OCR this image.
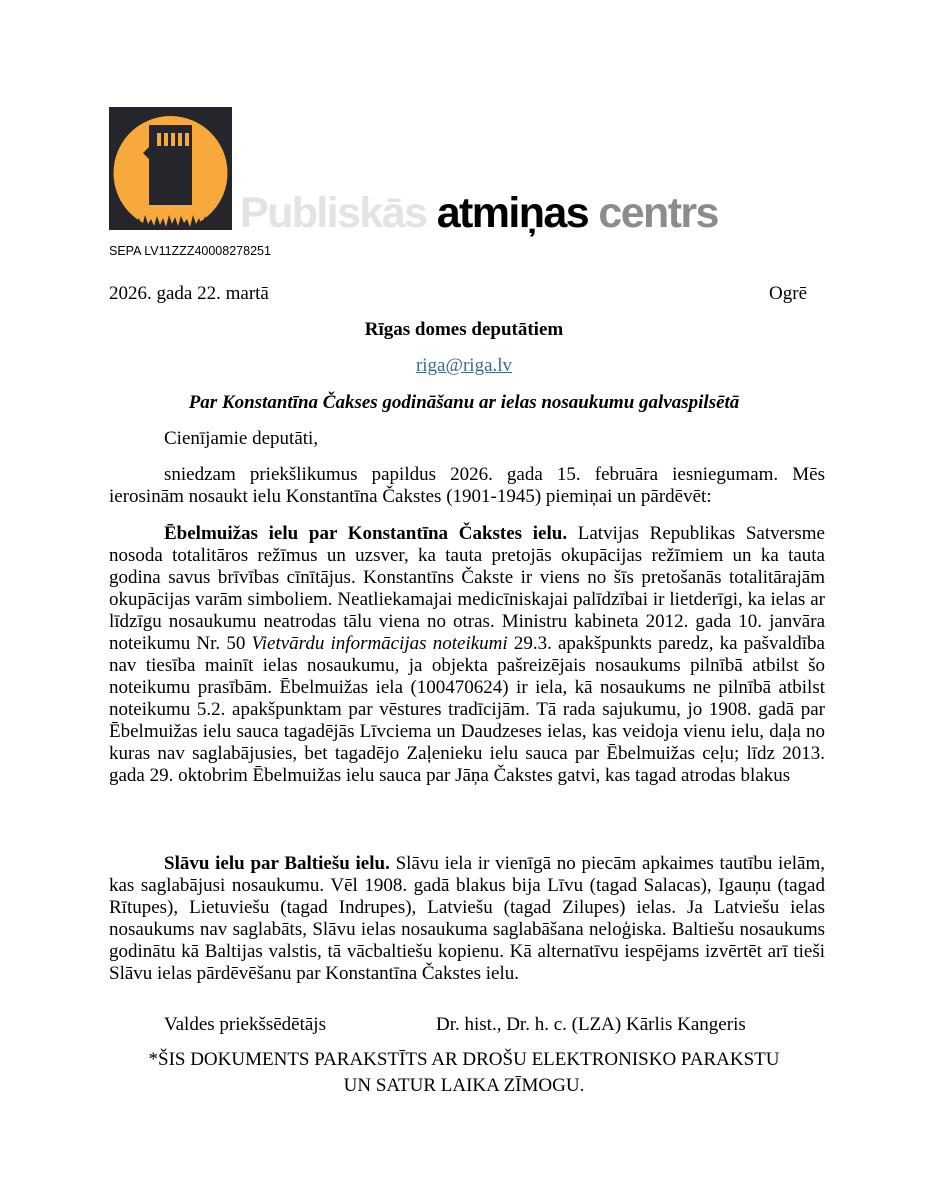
Publiskās atmiņas centrs
SEPA LV11ZZZ40008278251
2026. gada 22. martā	Ogrē
Rīgas domes deputātiem
riga@riga.lv
Par Konstantīna Čakses godināšanu ar ielas nosaukumu galvaspilsētā
Cienījamie deputāti,

sniedzam priekšlikumus papildus 2026. gada 15. februāra iesniegumam. Mēs ierosinām nosaukt ielu Konstantīna Čakstes (1901-1945) piemiņai un pārdēvēt:

Ēbelmuižas ielu par Konstantīna Čakstes ielu. Latvijas Republikas Satversme nosoda totalitāros režīmus un uzsver, ka tauta pretojās okupācijas režīmiem un ka tauta godina savus brīvības cīnītājus. Konstantīns Čakste ir viens no šīs pretošanās totalitārajām okupācijas varām simboliem. Neatliekamajai medicīniskajai palīdzībai ir lietderīgi, ka ielas ar līdzīgu nosaukumu neatrodas tālu viena no otras. Ministru kabineta 2012. gada 10. janvāra noteikumu Nr. 50 Vietvārdu informācijas noteikumi 29.3. apakšpunkts paredz, ka pašvaldība nav tiesība mainīt ielas nosaukumu, ja objekta pašreizējais nosaukums pilnībā atbilst šo noteikumu prasībām. Ēbelmuižas iela (100470624) ir iela, kā nosaukums ne pilnībā atbilst noteikumu 5.2. apakšpunktam par vēstures tradīcijām. Tā rada sajukumu, jo 1908. gadā par Ēbelmuižas ielu sauca tagadējās Līvciema un Daudzeses ielas, kas veidoja vienu ielu, daļa no kuras nav saglabājusies, bet tagadējo Zaļenieku ielu sauca par Ēbelmuižas ceļu; līdz 2013. gada 29. oktobrim Ēbelmuižas ielu sauca par Jāņa Čakstes gatvi, kas tagad atrodas blakus

Slāvu ielu par Baltiešu ielu. Slāvu iela ir vienīgā no piecām apkaimes tautību ielām, kas saglabājusi nosaukumu. Vēl 1908. gadā blakus bija Līvu (tagad Salacas), Igauņu (tagad Rītupes), Lietuviešu (tagad Indrupes), Latviešu (tagad Zilupes) ielas. Ja Latviešu ielas nosaukums nav saglabāts, Slāvu ielas nosaukuma saglabāšana neloģiska. Baltiešu nosaukums godinātu kā Baltijas valstis, tā vācbaltiešu kopienu. Kā alternatīvu iespējams izvērtēt arī tieši Slāvu ielas pārdēvēšanu par Konstantīna Čakstes ielu.

Valdes priekšsēdētājs	Dr. hist., Dr. h. c. (LZA) Kārlis Kangeris
*ŠIS DOKUMENTS PARAKSTĪTS AR DROŠU ELEKTRONISKO PARAKSTU
UN SATUR LAIKA ZĪMOGU.
